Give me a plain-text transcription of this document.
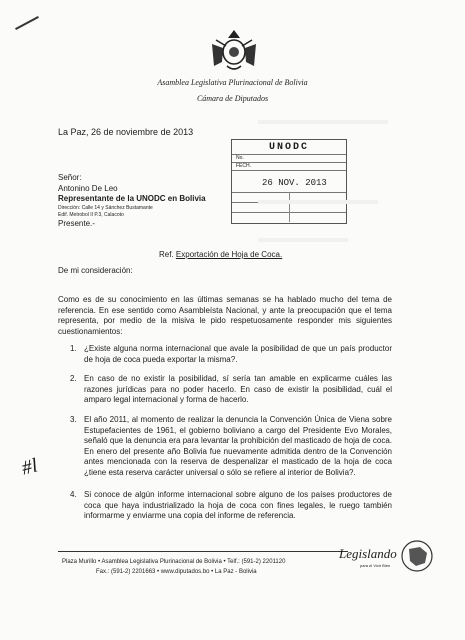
Asamblea Legislativa Plurinacional de Bolivia
Cámara de Diputados
La Paz, 26 de noviembre de 2013
UNODC
No.
FECH.
26 NOV. 2013
Señor:
Antonino De Leo
Representante de la UNODC en Bolivia
Dirección: Calle 14 y Sánchez Bustamante
Edif. Metrobol II P.3, Calacoto
Presente.-
Ref. Exportación de Hoja de Coca.
De mi consideración:
Como es de su conocimiento en las últimas semanas se ha hablado mucho del tema de referencia. En ese sentido como Asambleísta Nacional, y ante la preocupación que el tema representa, por medio de la misiva le pido respetuosamente responder mis siguientes cuestionamientos:
1. ¿Existe alguna norma internacional que avale la posibilidad de que un país productor de hoja de coca pueda exportar la misma?.
2. En caso de no existir la posibilidad, sí sería tan amable en explicarme cuáles las razones jurídicas para no poder hacerlo. En caso de existir la posibilidad, cuál el amparo legal internacional y forma de hacerlo.
3. El año 2011, al momento de realizar la denuncia la Convención Única de Viena sobre Estupefacientes de 1961, el gobierno boliviano a cargo del Presidente Evo Morales, señaló que la denuncia era para levantar la prohibición del masticado de hoja de coca. En enero del presente año Bolivia fue nuevamente admitida dentro de la Convención antes mencionada con la reserva de despenalizar el masticado de la hoja de coca ¿tiene esta reserva carácter universal o sólo se refiere al interior de Bolivia?.
4. Si conoce de algún informe internacional sobre alguno de los países productores de coca que haya industrializado la hoja de coca con fines legales, le ruego también informarme y enviarme una copia del informe de referencia.
#l
Plaza Murillo • Asamblea Legislativa Plurinacional de Bolivia • Telf.: (591-2) 2201120
Fax.: (591-2) 2201663 • www.diputados.bo • La Paz - Bolivia
Legislando
para el Vivir Bien
